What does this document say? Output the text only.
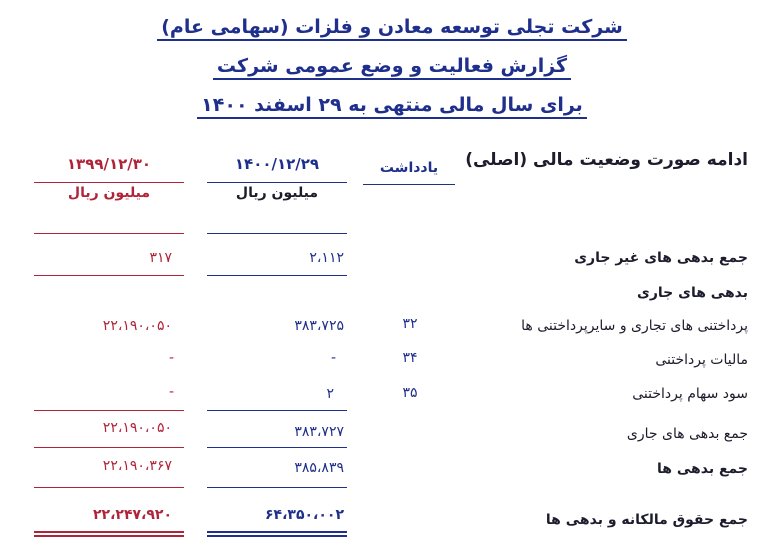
شرکت تجلی توسعه معادن و فلزات (سهامی عام)
گزارش فعالیت و وضع عمومی شرکت
برای سال مالی منتهی به ۲۹ اسفند ۱۴۰۰
ادامه صورت وضعیت مالی (اصلی)
یادداشت
۱۴۰۰/۱۲/۲۹
میلیون ریال
۱۳۹۹/۱۲/۳۰
میلیون ریال
جمع بدهی های غیر جاری
۲،۱۱۲
۳۱۷
بدهی های جاری
پرداختنی های تجاری و سایرپرداختنی ها
۳۲
۳۸۳،۷۲۵
۲۲،۱۹۰،۰۵۰
مالیات پرداختنی
۳۴
-
-
سود سهام پرداختنی
۳۵
۲
-
جمع بدهی های جاری
۳۸۳،۷۲۷
۲۲،۱۹۰،۰۵۰
جمع بدهی ها
۳۸۵،۸۳۹
۲۲،۱۹۰،۳۶۷
جمع حقوق مالکانه و بدهی ها
۶۴،۳۵۰،۰۰۲
۲۲،۲۴۷،۹۲۰
